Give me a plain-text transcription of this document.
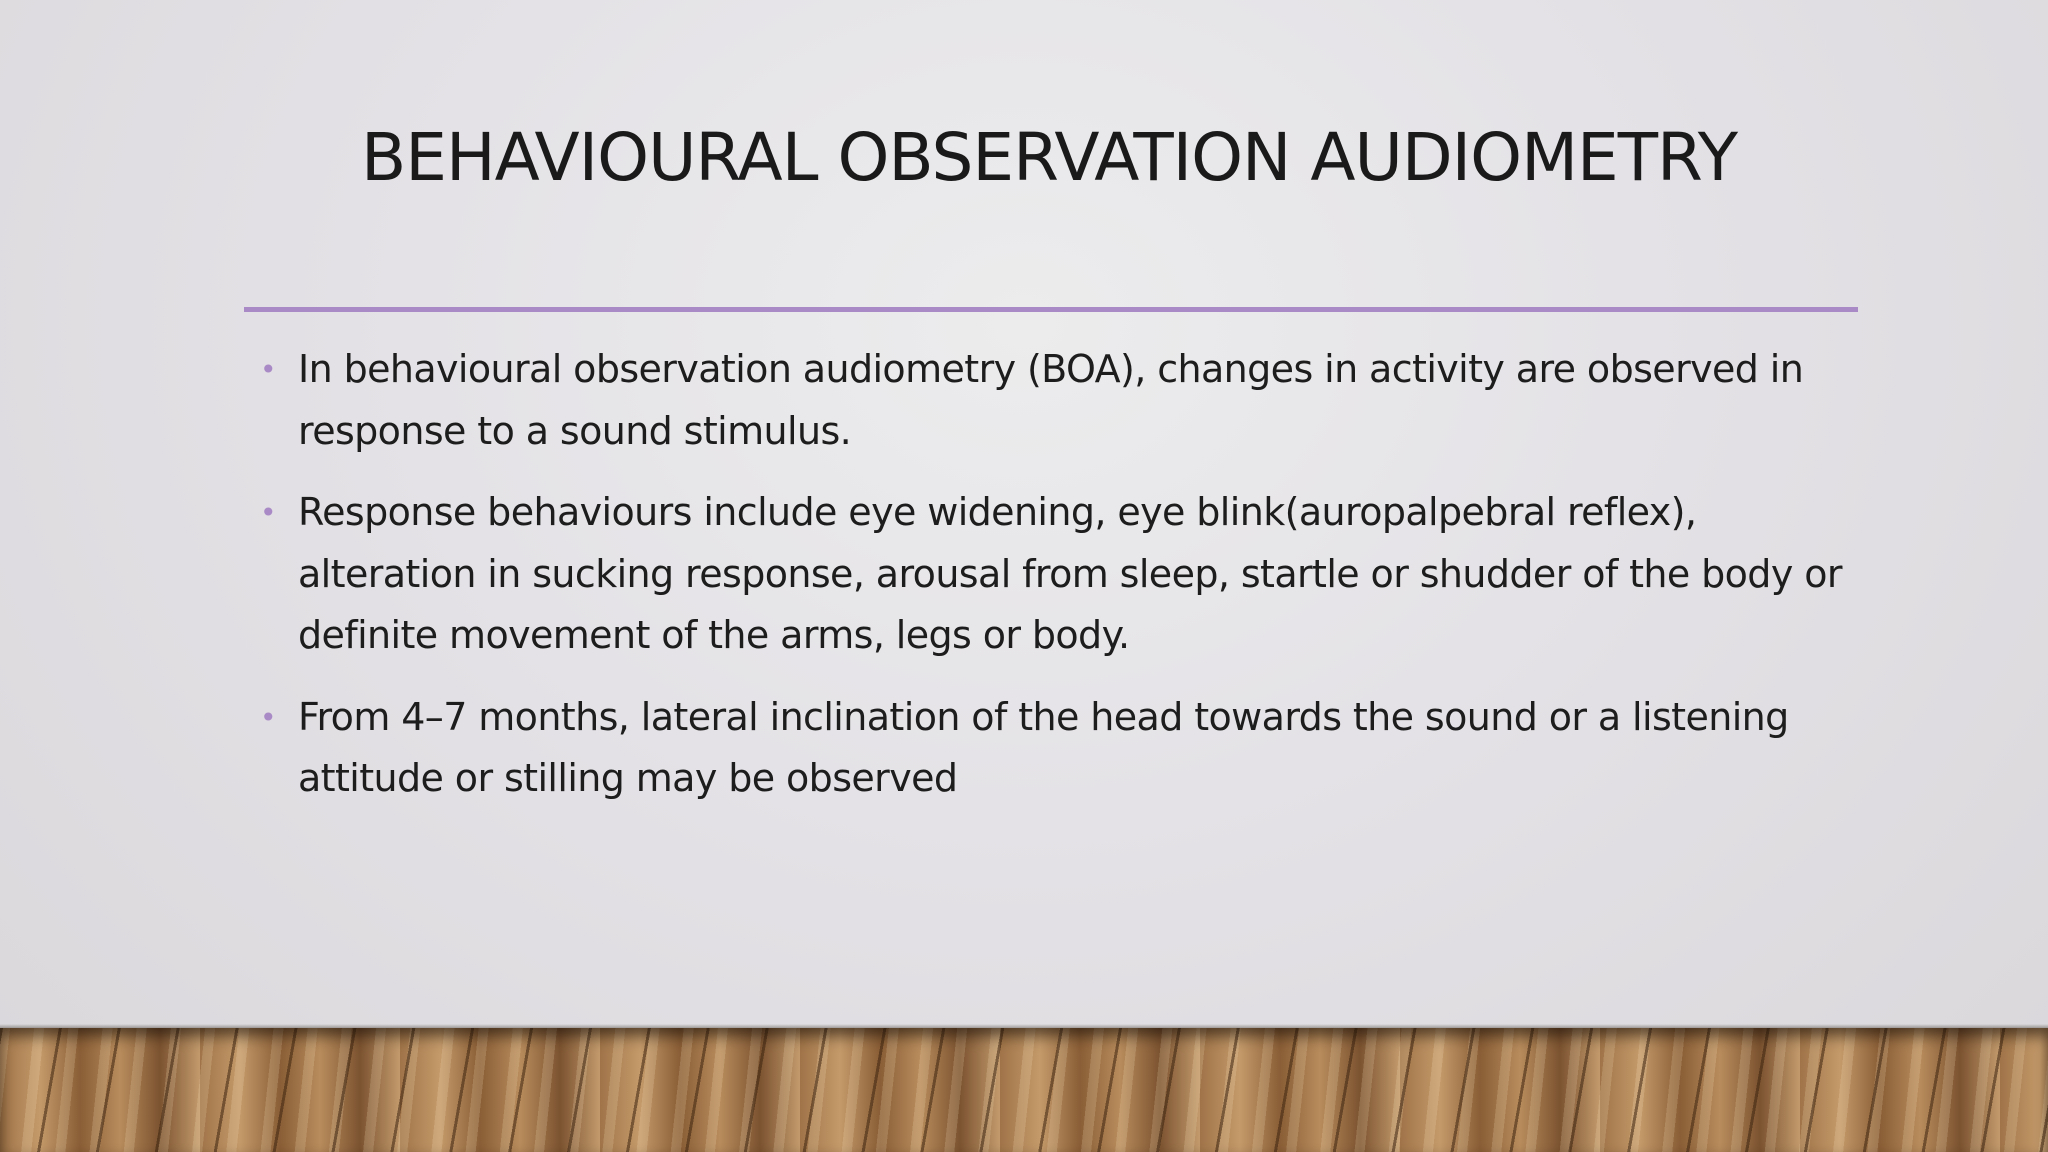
BEHAVIOURAL OBSERVATION AUDIOMETRY
• In behavioural observation audiometry (BOA), changes in activity are observed in response to a sound stimulus.
• Response behaviours include eye widening, eye blink(auropalpebral reflex), alteration in sucking response, arousal from sleep, startle or shudder of the body or definite movement of the arms, legs or body.
• From 4–7 months, lateral inclination of the head towards the sound or a listening attitude or stilling may be observed
